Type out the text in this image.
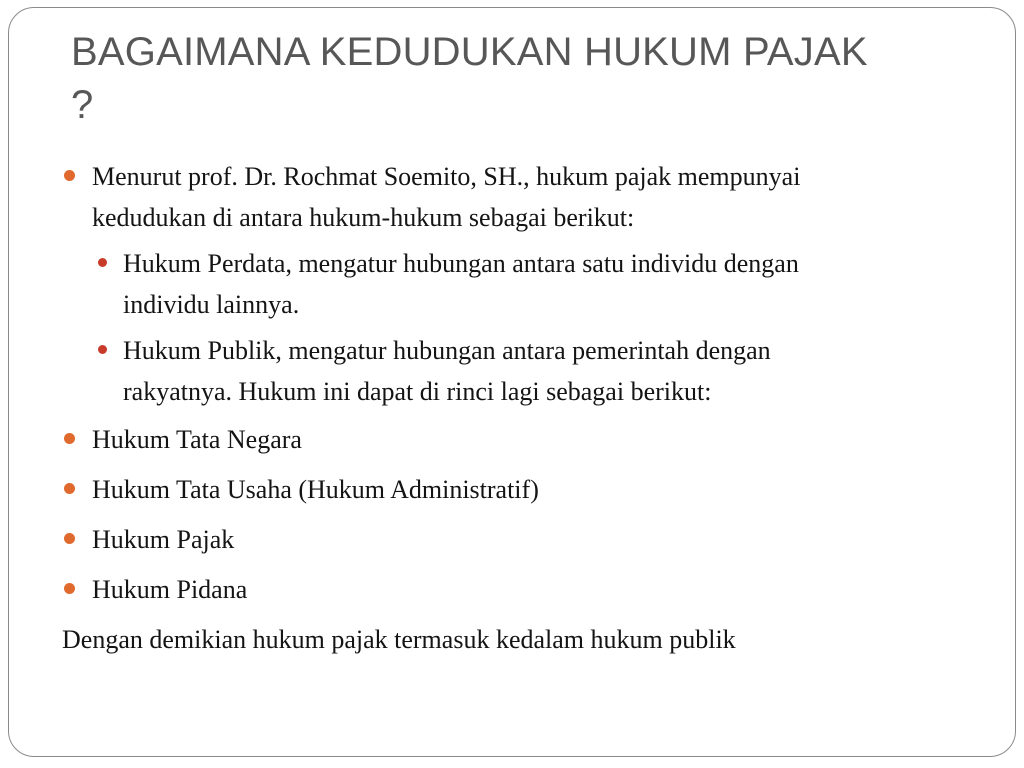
BAGAIMANA KEDUDUKAN HUKUM PAJAK
?
Menurut prof. Dr. Rochmat Soemito, SH., hukum pajak mempunyai
kedudukan di antara hukum-hukum sebagai berikut:
Hukum Perdata, mengatur hubungan antara satu individu dengan
individu lainnya.
Hukum Publik, mengatur hubungan antara pemerintah dengan
rakyatnya. Hukum ini dapat di rinci lagi sebagai berikut:
Hukum Tata Negara
Hukum Tata Usaha (Hukum Administratif)
Hukum Pajak
Hukum Pidana
Dengan demikian hukum pajak termasuk kedalam hukum publik
